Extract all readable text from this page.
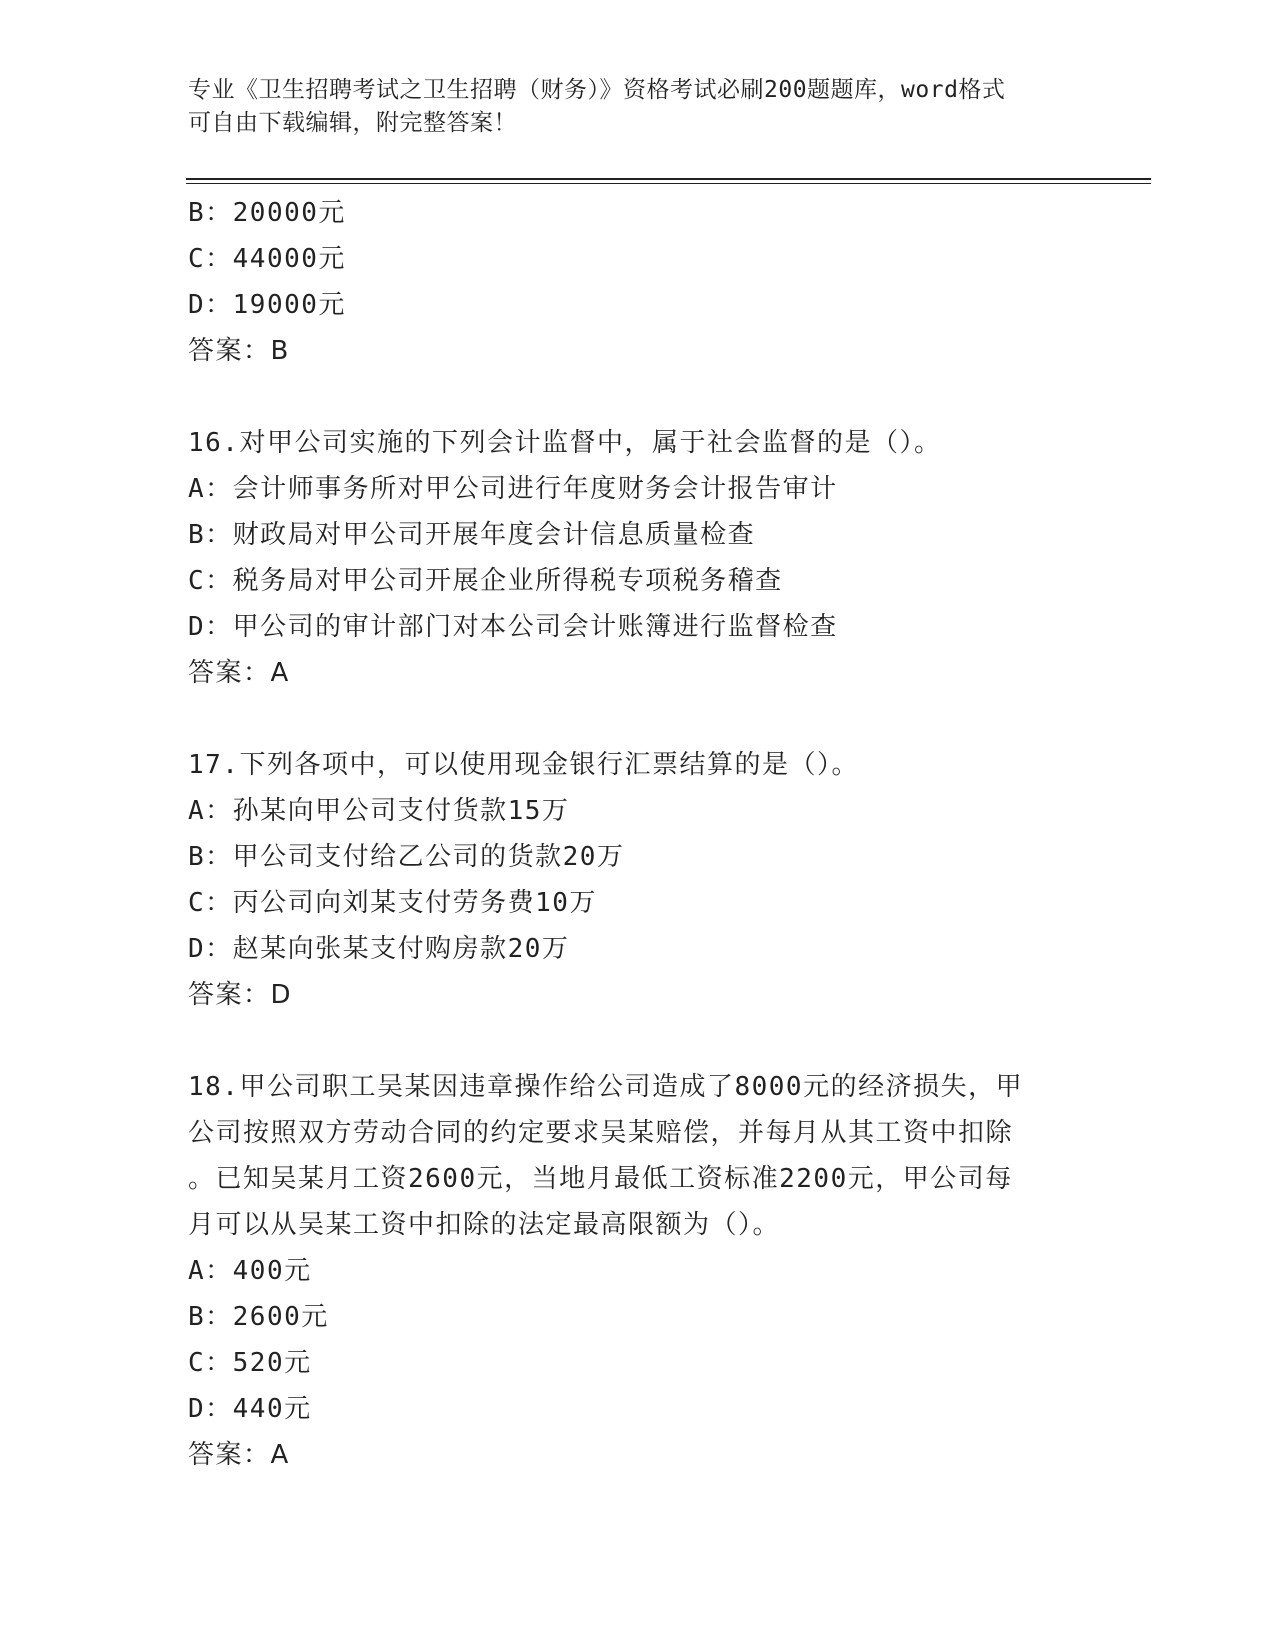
专业《卫生招聘考试之卫生招聘（财务）》资格考试必刷200题题库，word格式
可自由下载编辑，附完整答案！
B：20000元
C：44000元
D：19000元
答案：B
16.对甲公司实施的下列会计监督中，属于社会监督的是（）。
A：会计师事务所对甲公司进行年度财务会计报告审计
B：财政局对甲公司开展年度会计信息质量检查
C：税务局对甲公司开展企业所得税专项税务稽查
D：甲公司的审计部门对本公司会计账簿进行监督检查
答案：A
17.下列各项中，可以使用现金银行汇票结算的是（）。
A：孙某向甲公司支付货款15万
B：甲公司支付给乙公司的货款20万
C：丙公司向刘某支付劳务费10万
D：赵某向张某支付购房款20万
答案：D
18.甲公司职工吴某因违章操作给公司造成了8000元的经济损失，甲
公司按照双方劳动合同的约定要求吴某赔偿，并每月从其工资中扣除
。已知吴某月工资2600元，当地月最低工资标准2200元，甲公司每
月可以从吴某工资中扣除的法定最高限额为（）。
A：400元
B：2600元
C：520元
D：440元
答案：A
